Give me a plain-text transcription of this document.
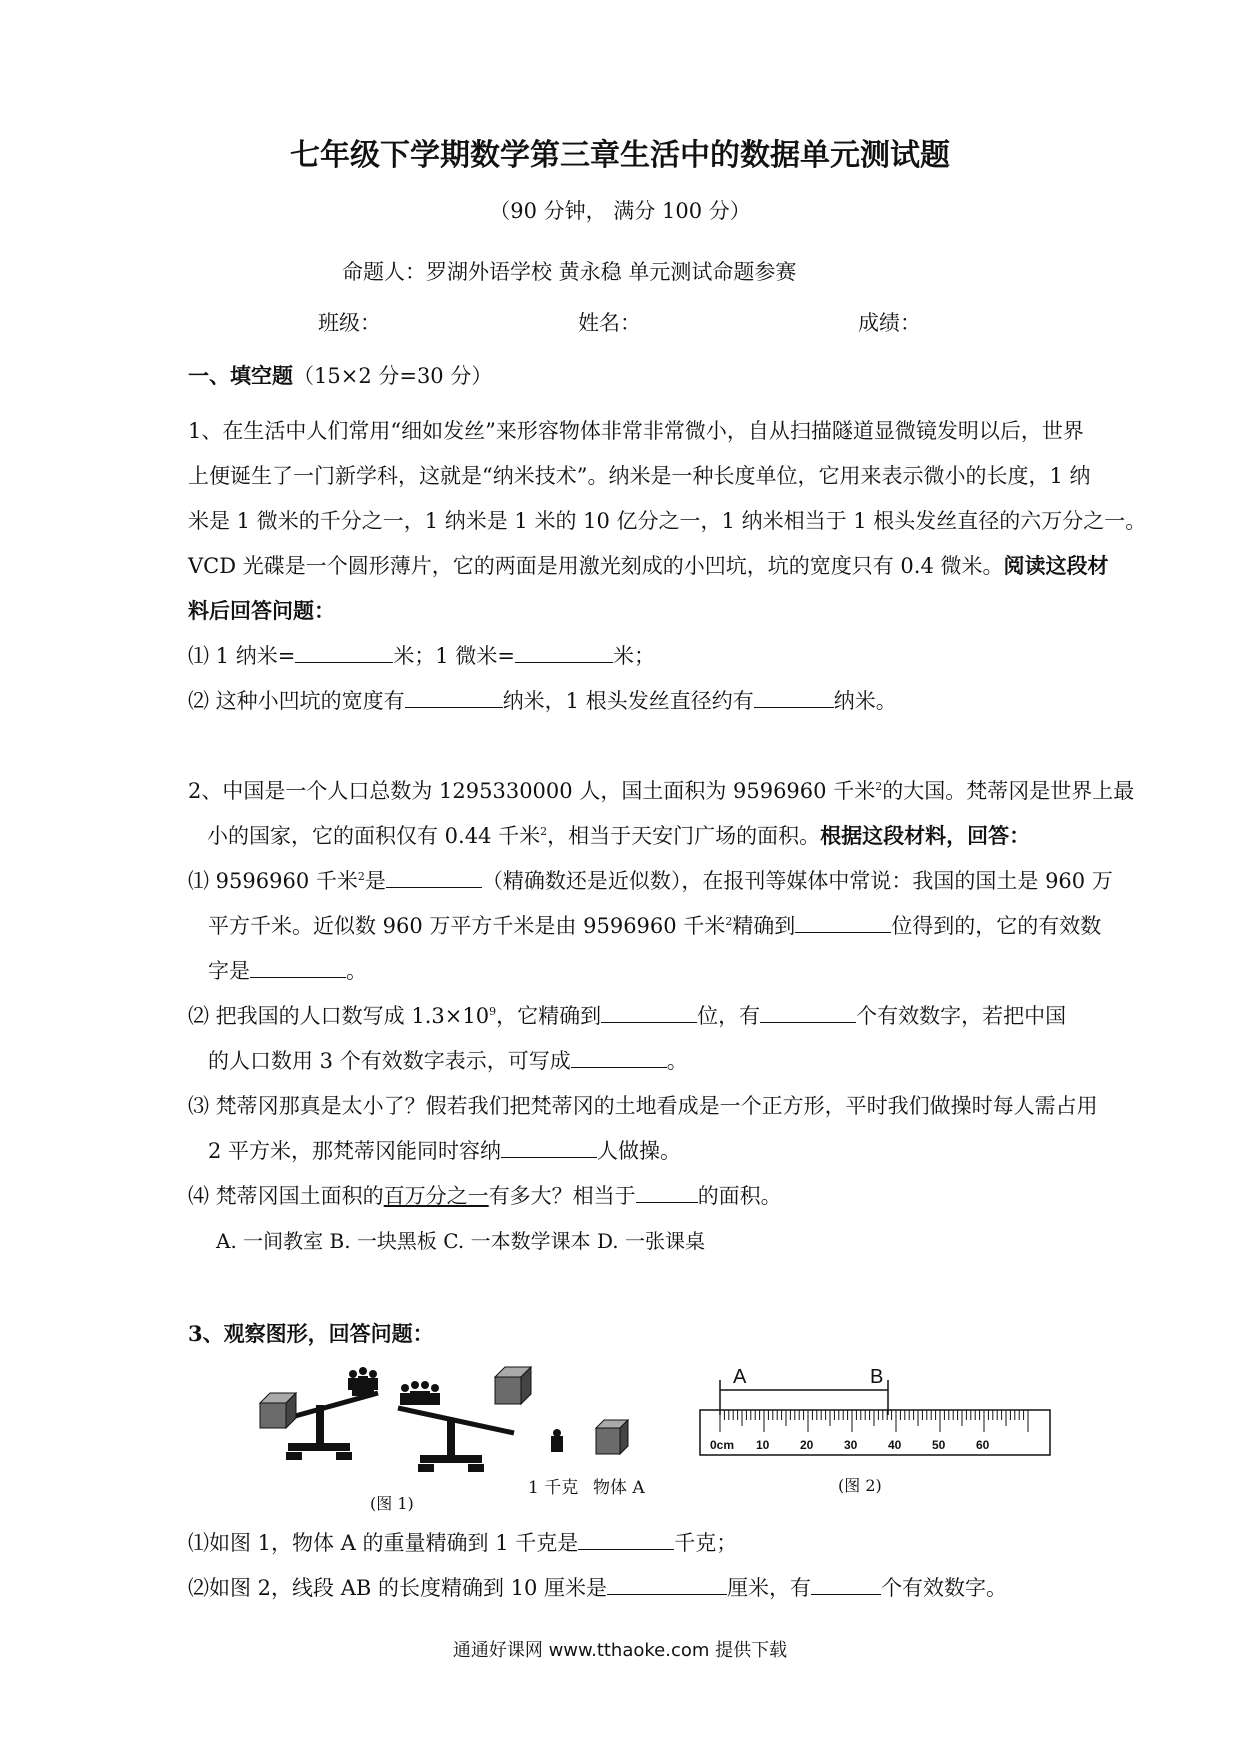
七年级下学期数学第三章生活中的数据单元测试题
（90 分钟， 满分 100 分）
命题人：罗湖外语学校 黄永稳 单元测试命题参赛
班级：	姓名：	成绩：
一、填空题（15×2 分=30 分）
1、在生活中人们常用“细如发丝”来形容物体非常非常微小，自从扫描隧道显微镜发明以后，世界
上便诞生了一门新学科，这就是“纳米技术”。纳米是一种长度单位，它用来表示微小的长度，1 纳
米是 1 微米的千分之一，1 纳米是 1 米的 10 亿分之一，1 纳米相当于 1 根头发丝直径的六万分之一。
VCD 光碟是一个圆形薄片，它的两面是用激光刻成的小凹坑，坑的宽度只有 0.4 微米。阅读这段材
料后回答问题：
⑴ 1 纳米=	米；1 微米=	米；
⑵ 这种小凹坑的宽度有	纳米，1 根头发丝直径约有	纳米。
2、中国是一个人口总数为 1295330000 人，国土面积为 9596960 千米$^2$的大国。梵蒂冈是世界上最
小的国家，它的面积仅有 0.44 千米$^2$，相当于天安门广场的面积。根据这段材料，回答：
⑴ 9596960 千米$^2$是	（精确数还是近似数），在报刊等媒体中常说：我国的国土是 960 万
平方千米。近似数 960 万平方千米是由 9596960 千米$^2$精确到	位得到的，它的有效数
字是	。
⑵ 把我国的人口数写成 $1.3\times 10^9$，它精确到	位，有	个有效数字，若把中国
的人口数用 3 个有效数字表示，可写成	。
⑶ 梵蒂冈那真是太小了？假若我们把梵蒂冈的土地看成是一个正方形，平时我们做操时每人需占用
2 平方米，那梵蒂冈能同时容纳	人做操。
⑷ 梵蒂冈国土面积的百万分之一有多大？相当于	的面积。
A. 一间教室 B. 一块黑板 C. 一本数学课本 D. 一张课桌
3、观察图形，回答问题：
A	B
0cm 10	20	30	40	50	60
(图 1)
1 千克 物体 A	(图 2)
⑴如图 1，物体 A 的重量精确到 1 千克是	千克；
⑵如图 2，线段 AB 的长度精确到 10 厘米是	厘米，有	个有效数字。
通通好课网 www.tthaoke.com 提供下载
